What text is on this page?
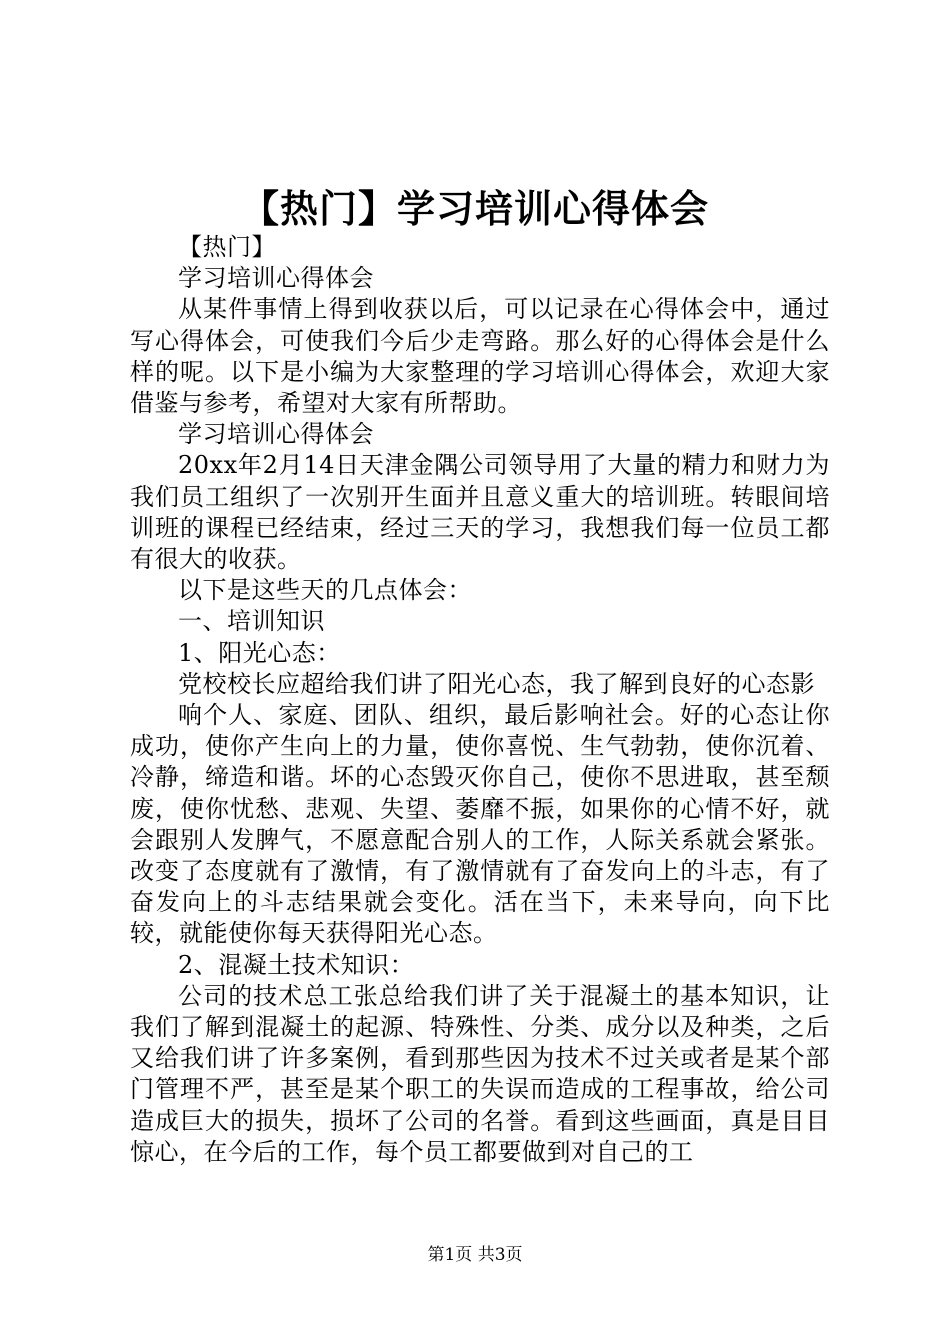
【热门】学习培训心得体会

【热门】

学习培训心得体会

从某件事情上得到收获以后，可以记录在心得体会中，通过写心得体会，可使我们今后少走弯路。那么好的心得体会是什么样的呢。以下是小编为大家整理的学习培训心得体会，欢迎大家借鉴与参考，希望对大家有所帮助。

学习培训心得体会

20xx年2月14日天津金隅公司领导用了大量的精力和财力为我们员工组织了一次别开生面并且意义重大的培训班。转眼间培训班的课程已经结束，经过三天的学习，我想我们每一位员工都有很大的收获。

以下是这些天的几点体会：

一、培训知识

1、阳光心态：

党校校长应超给我们讲了阳光心态，我了解到良好的心态影

响个人、家庭、团队、组织，最后影响社会。好的心态让你成功，使你产生向上的力量，使你喜悦、生气勃勃，使你沉着、冷静，缔造和谐。坏的心态毁灭你自己，使你不思进取，甚至颓废，使你忧愁、悲观、失望、萎靡不振，如果你的心情不好，就会跟别人发脾气，不愿意配合别人的工作，人际关系就会紧张。改变了态度就有了激情，有了激情就有了奋发向上的斗志，有了奋发向上的斗志结果就会变化。活在当下，未来导向，向下比较，就能使你每天获得阳光心态。

2、混凝土技术知识：

公司的技术总工张总给我们讲了关于混凝土的基本知识，让我们了解到混凝土的起源、特殊性、分类、成分以及种类，之后又给我们讲了许多案例，看到那些因为技术不过关或者是某个部门管理不严，甚至是某个职工的失误而造成的工程事故，给公司造成巨大的损失，损坏了公司的名誉。看到这些画面，真是目目惊心，在今后的工作，每个员工都要做到对自己的工

第1页 共3页
